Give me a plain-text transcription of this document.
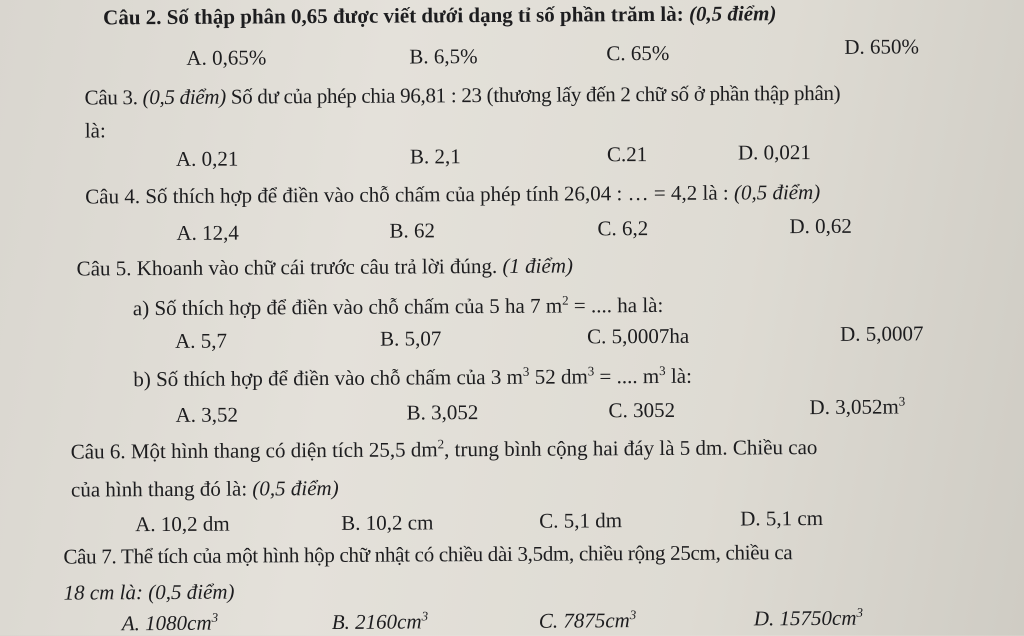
Câu 2. Số thập phân 0,65 được viết dưới dạng tỉ số phần trăm là: (0,5 điểm)
A. 0,65%	B. 6,5%	C. 65%	D. 650%
Câu 3. (0,5 điểm) Số dư của phép chia 96,81 : 23 (thương lấy đến 2 chữ số ở phần thập phân)
là:
A. 0,21	B. 2,1	C.21	D. 0,021
Câu 4. Số thích hợp để điền vào chỗ chấm của phép tính 26,04 : … = 4,2 là : (0,5 điểm)
A. 12,4	B. 62	C. 6,2	D. 0,62
Câu 5. Khoanh vào chữ cái trước câu trả lời đúng. (1 điểm)
a) Số thích hợp để điền vào chỗ chấm của 5 ha 7 $m^2$ = .... ha là:
A. 5,7	B. 5,07	C. 5,0007ha	D. 5,0007
b) Số thích hợp để điền vào chỗ chấm của 3 $m^3$ 52 $dm^3$ = .... $m^3$ là:
A. 3,52	B. 3,052	C. 3052	D. $3,052m^3$
Câu 6. Một hình thang có diện tích 25,5 $dm^2$, trung bình cộng hai đáy là 5 dm. Chiều cao
của hình thang đó là: (0,5 điểm)
A. 10,2 dm	B. 10,2 cm	C. 5,1 dm	D. 5,1 cm
Câu 7. Thể tích của một hình hộp chữ nhật có chiều dài 3,5dm, chiều rộng 25cm, chiều ca
18 cm là: (0,5 điểm)
A. $1080cm^3$	B. $2160cm^3$	C. $7875cm^3$	D. $15750cm^3$
